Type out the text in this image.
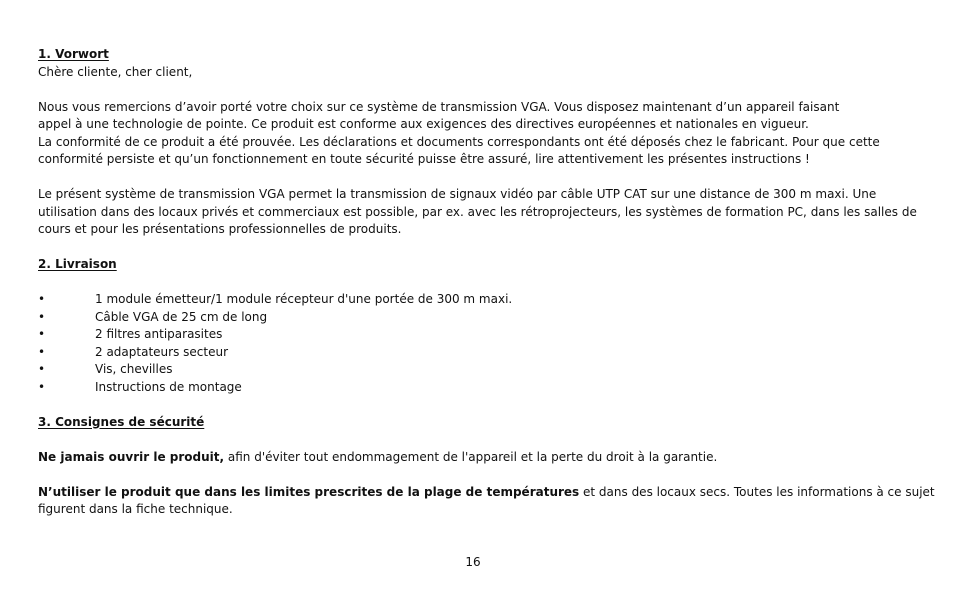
1. Vorwort
Chère cliente, cher client,
Nous vous remercions d’avoir porté votre choix sur ce système de transmission VGA. Vous disposez maintenant d’un appareil faisant
appel à une technologie de pointe. Ce produit est conforme aux exigences des directives européennes et nationales en vigueur.
La conformité de ce produit a été prouvée. Les déclarations et documents correspondants ont été déposés chez le fabricant. Pour que cette
conformité persiste et qu’un fonctionnement en toute sécurité puisse être assuré, lire attentivement les présentes instructions !
Le présent système de transmission VGA permet la transmission de signaux vidéo par câble UTP CAT sur une distance de 300 m maxi. Une
utilisation dans des locaux privés et commerciaux est possible, par ex. avec les rétroprojecteurs, les systèmes de formation PC, dans les salles de
cours et pour les présentations professionnelles de produits.
2. Livraison
•	1 module émetteur/1 module récepteur d'une portée de 300 m maxi.
•	Câble VGA de 25 cm de long
•	2 filtres antiparasites
•	2 adaptateurs secteur
•	Vis, chevilles
•	Instructions de montage
3. Consignes de sécurité
Ne jamais ouvrir le produit, afin d'éviter tout endommagement de l'appareil et la perte du droit à la garantie.
N’utiliser le produit que dans les limites prescrites de la plage de températures et dans des locaux secs. Toutes les informations à ce sujet
figurent dans la fiche technique.
16
